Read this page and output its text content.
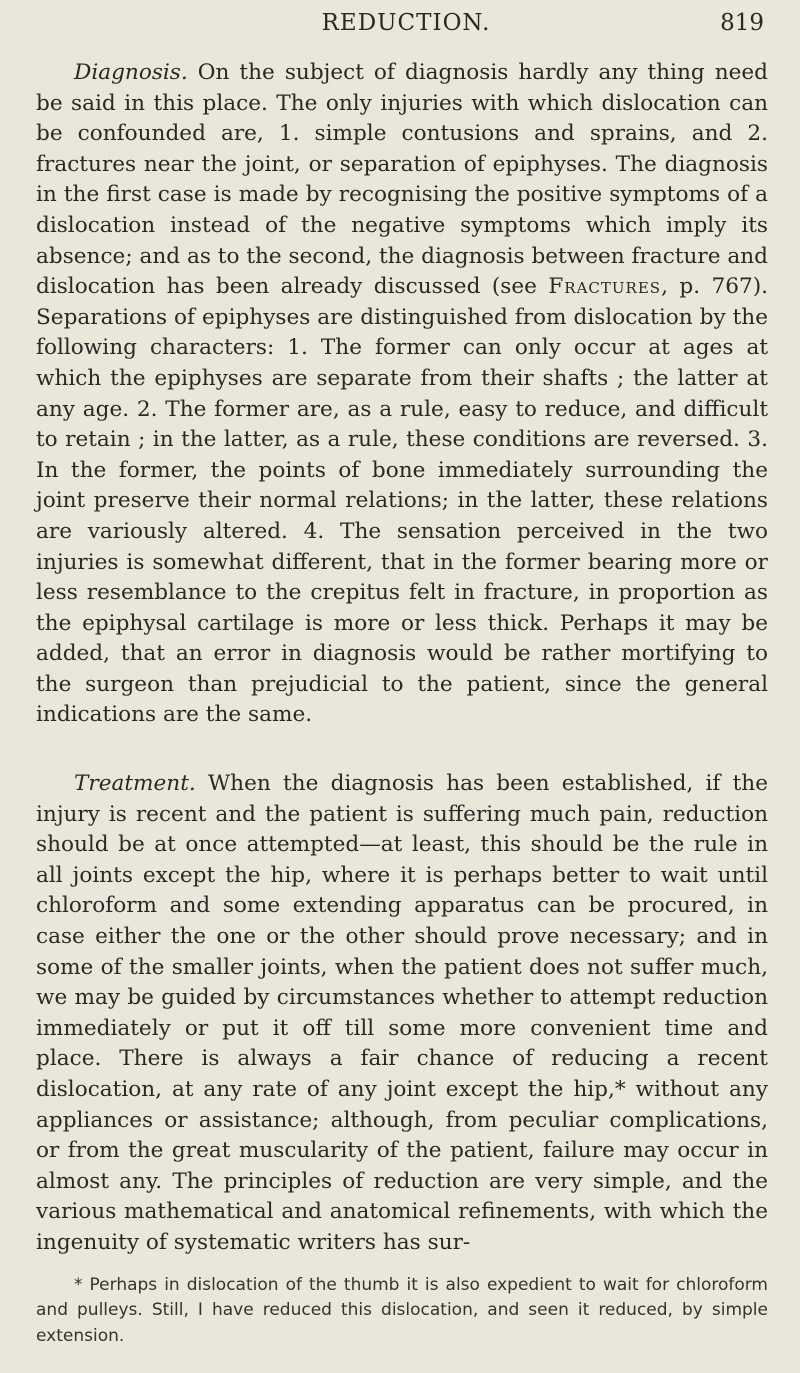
REDUCTION.	819

Diagnosis. On the subject of diagnosis hardly any thing need be said in this place. The only injuries with which dislocation can be confounded are, 1. simple contusions and sprains, and 2. fractures near the joint, or separation of epiphyses. The diagnosis in the first case is made by recognising the positive symptoms of a dislocation instead of the negative symptoms which imply its absence; and as to the second, the diagnosis between fracture and dislocation has been already discussed (see Fractures, p. 767). Separations of epiphyses are distinguished from dislocation by the following characters: 1. The former can only occur at ages at which the epiphyses are separate from their shafts ; the latter at any age. 2. The former are, as a rule, easy to reduce, and difficult to retain ; in the latter, as a rule, these conditions are reversed. 3. In the former, the points of bone immediately surrounding the joint preserve their normal relations; in the latter, these relations are variously altered. 4. The sensation perceived in the two injuries is somewhat different, that in the former bearing more or less resemblance to the crepitus felt in fracture, in proportion as the epiphysal cartilage is more or less thick. Perhaps it may be added, that an error in diagnosis would be rather mortifying to the surgeon than prejudicial to the patient, since the general indications are the same.

Treatment. When the diagnosis has been established, if the injury is recent and the patient is suffering much pain, reduction should be at once attempted—at least, this should be the rule in all joints except the hip, where it is perhaps better to wait until chloroform and some extending apparatus can be procured, in case either the one or the other should prove necessary; and in some of the smaller joints, when the patient does not suffer much, we may be guided by circumstances whether to attempt reduction immediately or put it off till some more convenient time and place. There is always a fair chance of reducing a recent dislocation, at any rate of any joint except the hip,* without any appliances or assistance; although, from peculiar complications, or from the great muscularity of the patient, failure may occur in almost any. The principles of reduction are very simple, and the various mathematical and anatomical refinements, with which the ingenuity of systematic writers has sur-

* Perhaps in dislocation of the thumb it is also expedient to wait for chloroform and pulleys. Still, I have reduced this dislocation, and seen it reduced, by simple extension.
